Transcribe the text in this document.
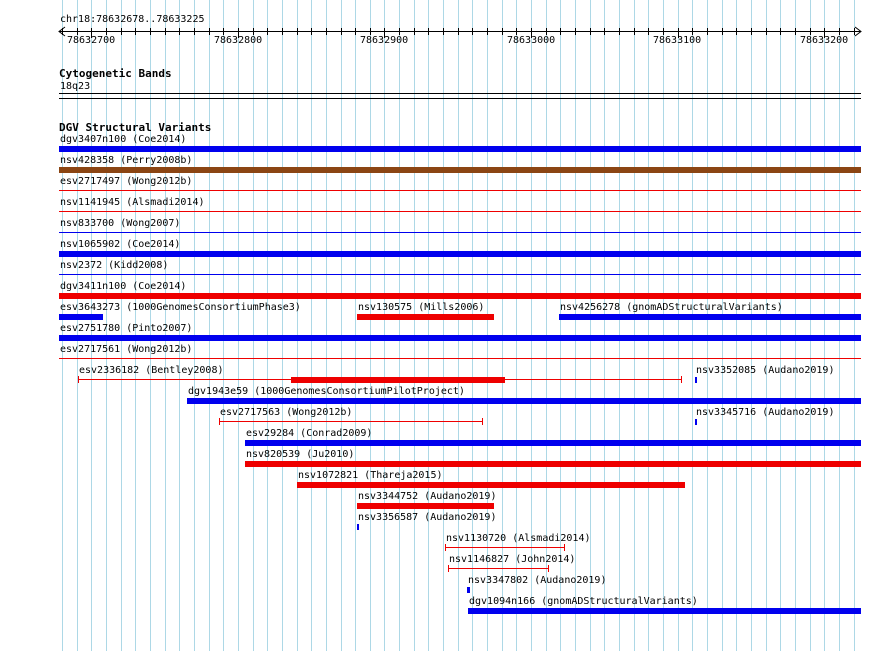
chr18:78632678..78633225
Cytogenetic Bands
18q23
DGV Structural Variants
78632700	78632800	78632900	78633000	78633100	78633200
dgv3407n100 (Coe2014)
nsv428358 (Perry2008b)
esv2717497 (Wong2012b)
nsv1141945 (Alsmadi2014)
nsv833700 (Wong2007)
nsv1065902 (Coe2014)
nsv2372 (Kidd2008)
dgv3411n100 (Coe2014)
esv3643273 (1000GenomesConsortiumPhase3)	nsv130575 (Mills2006)	nsv4256278 (gnomADStructuralVariants)
esv2751780 (Pinto2007)
esv2717561 (Wong2012b)
esv2336182 (Bentley2008)	nsv3352085 (Audano2019)
dgv1943e59 (1000GenomesConsortiumPilotProject)
esv2717563 (Wong2012b)	nsv3345716 (Audano2019)
esv29284 (Conrad2009)
nsv820539 (Ju2010)
nsv1072821 (Thareja2015)
nsv3344752 (Audano2019)
nsv3356587 (Audano2019)
nsv1130720 (Alsmadi2014)
nsv1146827 (John2014)
nsv3347802 (Audano2019)
dgv1094n166 (gnomADStructuralVariants)
